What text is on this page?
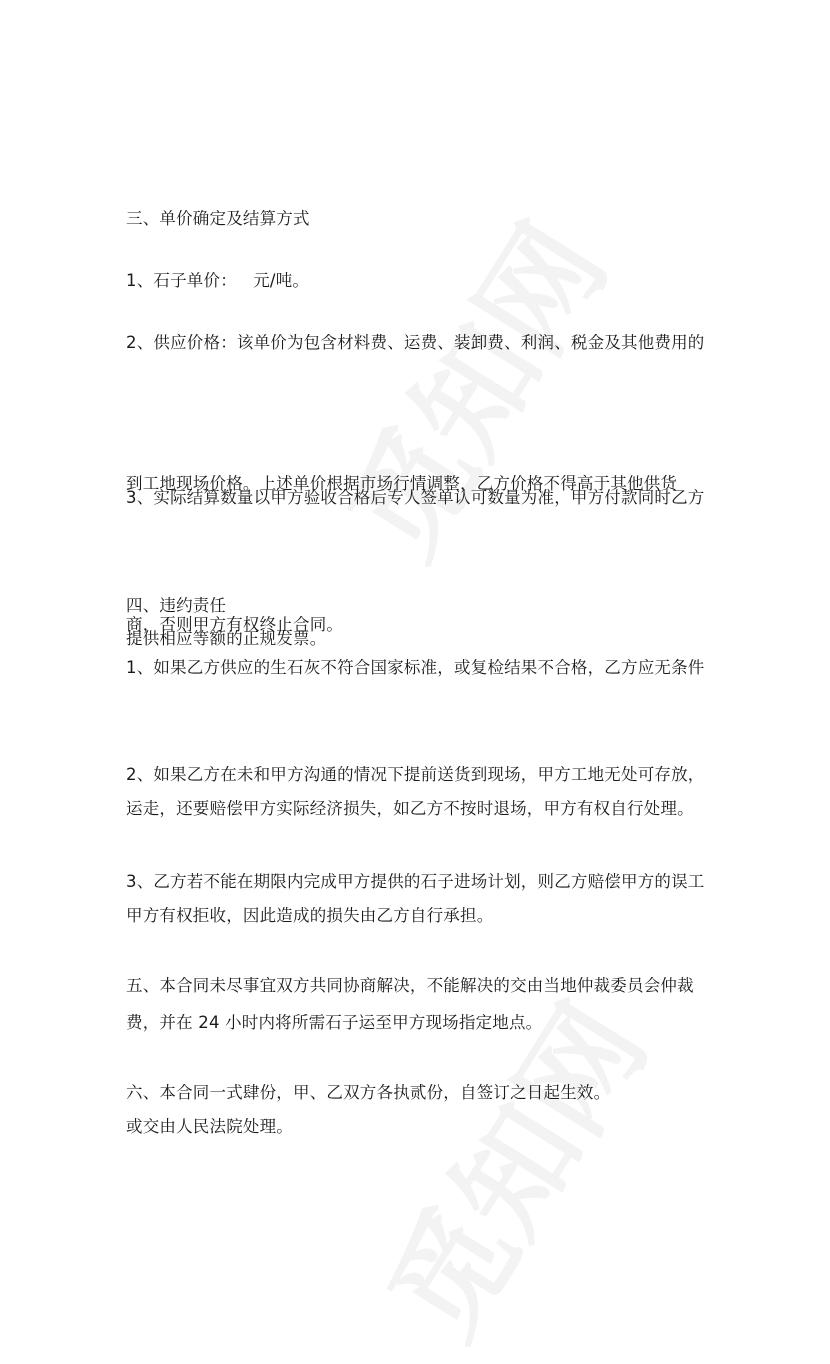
三、单价确定及结算方式

1、石子单价：   元/吨。

2、供应价格：该单价为包含材料费、运费、装卸费、利润、税金及其他费用的

到工地现场价格。上述单价根据市场行情调整，乙方价格不得高于其他供货

商，否则甲方有权终止合同。

3、实际结算数量以甲方验收合格后专人签单认可数量为准，甲方付款同时乙方

提供相应等额的正规发票。

四、违约责任

1、如果乙方供应的生石灰不符合国家标准，或复检结果不合格，乙方应无条件

运走，还要赔偿甲方实际经济损失，如乙方不按时退场，甲方有权自行处理。

2、如果乙方在未和甲方沟通的情况下提前送货到现场，甲方工地无处可存放，

甲方有权拒收，因此造成的损失由乙方自行承担。

3、乙方若不能在期限内完成甲方提供的石子进场计划，则乙方赔偿甲方的误工

费，并在 24 小时内将所需石子运至甲方现场指定地点。

五、本合同未尽事宜双方共同协商解决，不能解决的交由当地仲裁委员会仲裁

或交由人民法院处理。

六、本合同一式肆份，甲、乙双方各执贰份，自签订之日起生效。
